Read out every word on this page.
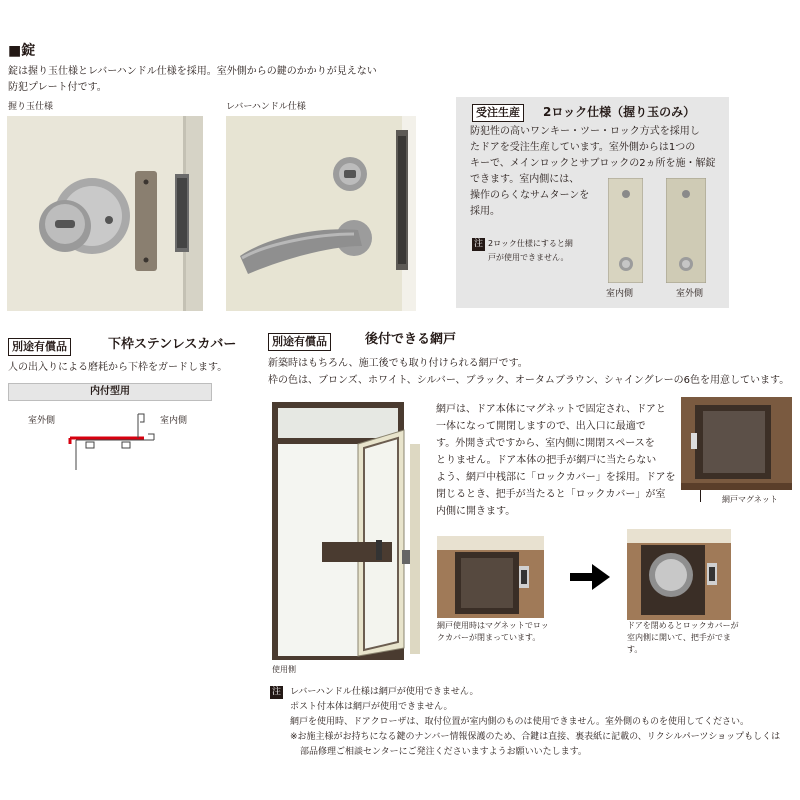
■錠
錠は握り玉仕様とレバーハンドル仕様を採用。室外側からの鍵のかかりが見えない
防犯プレート付です。
握り玉仕様	レバーハンドル仕様	受注生産	2ロック仕様（握り玉のみ）
防犯性の高いワンキー・ツー・ロック方式を採用し
たドアを受注生産しています。室外側からは1つの
キーで、メインロックとサブロックの2ヵ所を施・解錠
できます。室内側には、
操作のらくなサムターンを
採用。
注 2ロック仕様にすると網
戸が使用できません。
室内側	室外側
別途有償品	下枠ステンレスカバー
人の出入りによる磨耗から下枠をガードします。
内付型用
室外側	室内側
別途有償品	後付できる網戸
新築時はもちろん、施工後でも取り付けられる網戸です。
枠の色は、ブロンズ、ホワイト、シルバー、ブラック、オータムブラウン、シャイングレーの6色を用意しています。
使用側
網戸は、ドア本体にマグネットで固定され、ドアと
一体になって開閉しますので、出入口に最適で
す。外開き式ですから、室内側に開閉スペースを
とりません。ドア本体の把手が網戸に当たらない
よう、網戸中桟部に「ロックカバー」を採用。ドアを
閉じるとき、把手が当たると「ロックカバー」が室
内側に開きます。
網戸マグネット
網戸使用時はマグネットでロッ
クカバーが閉まっています。
ドアを閉めるとロックカバーが
室内側に開いて、把手がでま
す。
注 レバーハンドル仕様は網戸が使用できません。
ポスト付本体は網戸が使用できません。
網戸を使用時、ドアクローザは、取付位置が室内側のものは使用できません。室外側のものを使用してください。
※お施主様がお持ちになる鍵のナンバー情報保護のため、合鍵は直接、裏表紙に記載の、リクシルパーツショップもしくは
部品修理ご相談センターにご発注くださいますようお願いいたします。
